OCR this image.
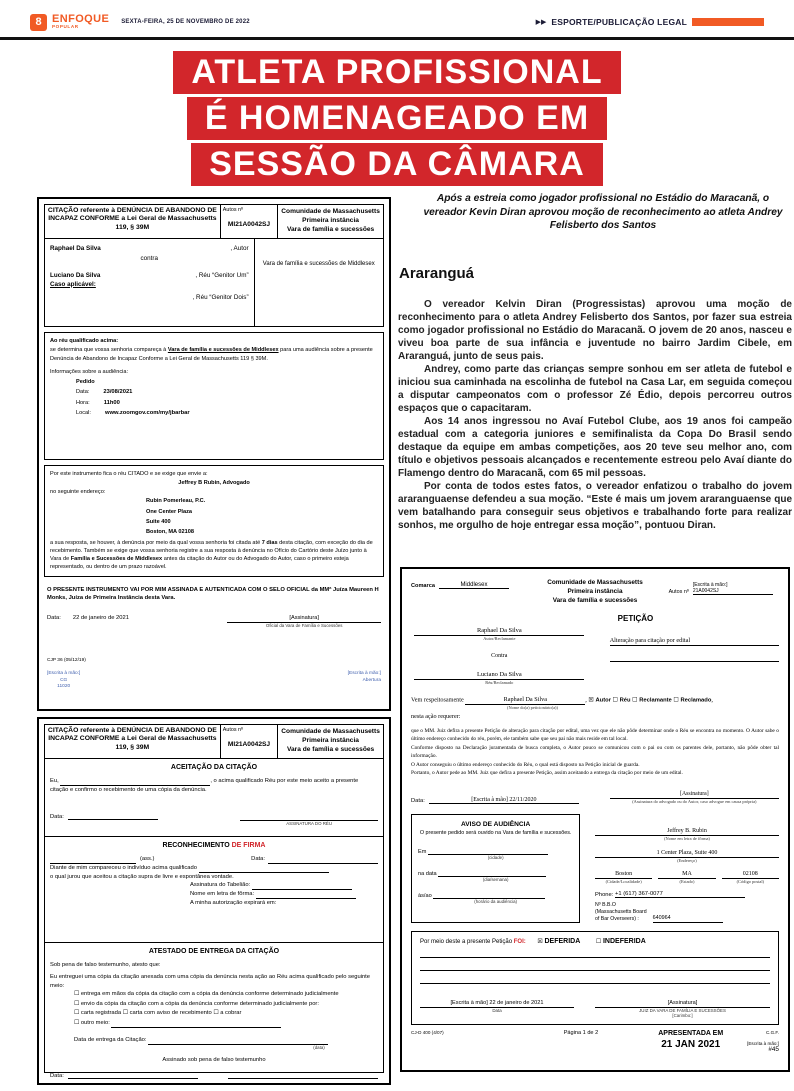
8 ENFOQUE
POPULAR
SEXTA-FEIRA, 25 DE NOVEMBRO DE 2022	▶▶ ESPORTE/PUBLICAÇÃO LEGAL
ATLETA PROFISSIONAL
É HOMENAGEADO EM
SESSÃO DA CÂMARA
Após a estreia como jogador profissional no Estádio do Maracanã, o vereador Kevin Diran aprovou moção de reconhecimento ao atleta Andrey Felisberto dos Santos
Araranguá

O vereador Kelvin Diran (Progressistas) aprovou uma moção de reconhecimento para o atleta Andrey Felisberto dos Santos, por fazer sua estreia como jogador profissional no Estádio do Maracanã. O jovem de 20 anos, nasceu e viveu boa parte de sua infância e juventude no bairro Jardim Cibele, em Araranguá, junto de seus pais.

Andrey, como parte das crianças sempre sonhou em ser atleta de futebol e iniciou sua caminhada na escolinha de futebol na Casa Lar, em seguida começou a disputar campeonatos com o professor Zé Édio, depois percorreu outros espaços que o capacitaram.

Aos 14 anos ingressou no Avaí Futebol Clube, aos 19 anos foi campeão estadual com a categoria juniores e semifinalista da Copa Do Brasil sendo destaque da equipe em ambas competições, aos 20 teve seu melhor ano, com título e objetivos pessoais alcançados e recentemente estreou pelo Avaí diante do Flamengo dentro do Maracanã, com 65 mil pessoas.

Por conta de todos estes fatos, o vereador enfatizou o trabalho do jovem araranguaense defendeu a sua moção. “Este é mais um jovem araranguaense que vem batalhando para conseguir seus objetivos e trabalhando forte para realizar sonhos, me orgulho de hoje entregar essa moção”, pontuou Diran.

CITAÇÃO referente à DENÚNCIA DE ABANDONO DE INCAPAZ CONFORME a Lei Geral de Massachusetts 119, § 39M
Autos nº
MI21A0042SJ
Comunidade de Massachusetts
Primeira instância
Vara de família e sucessões
Raphael Da Silva	, Autor
contra
Luciano Da Silva	, Réu “Genitor Um”
Caso aplicável:
, Réu “Genitor Dois”
Vara de família e sucessões de Middlesex
Ao réu qualificado acima:
se determina que vossa senhoria compareça à Vara de família e sucessões de Middlesex para uma audiência sobre a presente Denúncia de Abandono de Incapaz Conforme a Lei Geral de Massachusetts 119 § 39M.
Informações sobre a audiência:
Pedido
Data: 23/08/2021
Hora: 11h00
Local: www.zoomgov.com/my/jbarbar
Por este instrumento fica o réu CITADO e se exige que envie a:
Jeffrey B Rubin, Advogado
no seguinte endereço:
Rubin Pomerleau, P.C.
One Center Plaza
Suite 400
Boston, MA 02108
a sua resposta, se houver, à denúncia por meio da qual vossa senhoria foi citada até 7 dias desta citação, com exceção do dia de recebimento. Também se exige que vossa senhoria registre a sua resposta à denúncia no Ofício do Cartório deste Juízo junto à Vara de Família e Sucessões de Middlesex antes da citação do Autor ou do Advogado do Autor, caso o primeiro esteja representado, ou dentro de um prazo razoável.
O PRESENTE INSTRUMENTO VAI POR MIM ASSINADA E AUTENTICADA COM O SELO OFICIAL da MMª Juíza Maureen H Monks, Juíza de Primeira Instância desta Vara.
Data: 22 de janeiro de 2021	[Assinatura]
Oficial da Vara de Família e Sucessões
CJP 36 (05/12/19)
[Escrita à mão:]
CG
11020
[Escrita à mão:]
Abertura
CITAÇÃO referente à DENÚNCIA DE ABANDONO DE INCAPAZ CONFORME a Lei Geral de Massachusetts 119, § 39M
Autos nº
MI21A0042SJ
Comunidade de Massachusetts
Primeira instância
Vara de família e sucessões
ACEITAÇÃO DA CITAÇÃO
Eu,	, o acima qualificado Réu por este meio aceito a presente citação e confirmo o recebimento de uma cópia da denúncia.
Data:
ASSINATURA DO RÉU
RECONHECIMENTO DE FIRMA
(ass.)	Data:
Diante de mim compareceu o indivíduo acima qualificado
o qual jurou que aceitou a citação supra de livre e espontânea vontade.
Assinatura do Tabelião:
Nome em letra de fôrma:
A minha autorização expirará em:
ATESTADO DE ENTREGA DA CITAÇÃO
Sob pena de falso testemunho, atesto que:
Eu entreguei uma cópia da citação anexada com uma cópia da denúncia nesta ação ao Réu acima qualificado pelo seguinte meio:
☐ entrega em mãos da cópia da citação com a cópia da denúncia conforme determinado judicialmente
☐ envio da cópia da citação com a cópia da denúncia conforme determinado judicialmente por:
☐ carta registrada ☐ carta com aviso de recebimento ☐ a cobrar
☐ outro meio:
Data de entrega da Citação:
(data)
Assinado sob pena de falso testemunho
Data:
Comarca	Middlesex	Comunidade de Massachusetts
Primeira instância
Vara de família e sucessões
Autos nº
[Escrita à mão:]
21A0042SJ
PETIÇÃO
Raphael Da Silva
Autor/Reclamante
Contra
Luciano Da Silva
Réu/Reclamado
Alteração para citação por edital
Vem respeitosamente	Raphael Da Silva	, ☒ Autor ☐ Réu ☐ Reclamante ☐ Reclamado,
(Nome do(a) peticionário(a))
nesta ação requerer:
que o MM. Juiz defira a presente Petição de alteração para citação por edital, uma vez que ele não pôde determinar onde o Réu se encontra no momento. O Autor sabe o último endereço conhecido do réu, porém, ele também sabe que seu pai não mais reside em tal local.
Conforme disposto na Declaração juramentada de busca completa, o Autor pouco se comunicou com o pai ou com os parentes dele, portanto, não pôde obter tal informação.
O Autor conseguiu o último endereço conhecido do Réu, o qual está disposto na Petição inicial de guarda.
Portanto, o Autor pede ao MM. Juiz que defira a presente Petição, assim aceitando a entrega da citação por meio de um edital.
Data:	[Escrita à mão] 22/11/2020
[Assinatura]
(Assinatura do advogado ou do Autor, caso advogue em causa própria)
AVISO DE AUDIÊNCIA
O presente pedido será ouvido na Vara de família e sucessões.
Em
(cidade)
na data
(dia/semana)
às/ao
(horário da audiência)
Jeffrey B. Rubin
(Nome em letra de fôrma)
1 Center Plaza, Suite 400
(Endereço)
Boston
(Cidade/Localidade)
MA
(Estado)
02108
(Código postal)
Phone: +1 (617) 367-0077
Nº B.B.O
(Massachusetts Board
of Bar Overseers) :	640964
Por meio deste a presente Petição FOI: ☒ DEFERIDA	☐ INDEFERIDA
[Escrita à mão] 22 de janeiro de 2021
Data
[Assinatura]
JUIZ DA VARA DE FAMÍLIA E SUCESSÕES
[Carimbo:]
CJ-D 400 (4/07)	Página 1 de 2	APRESENTADA EM
21 JAN 2021
C.G.F.
[Escrita à mão:]
#45
